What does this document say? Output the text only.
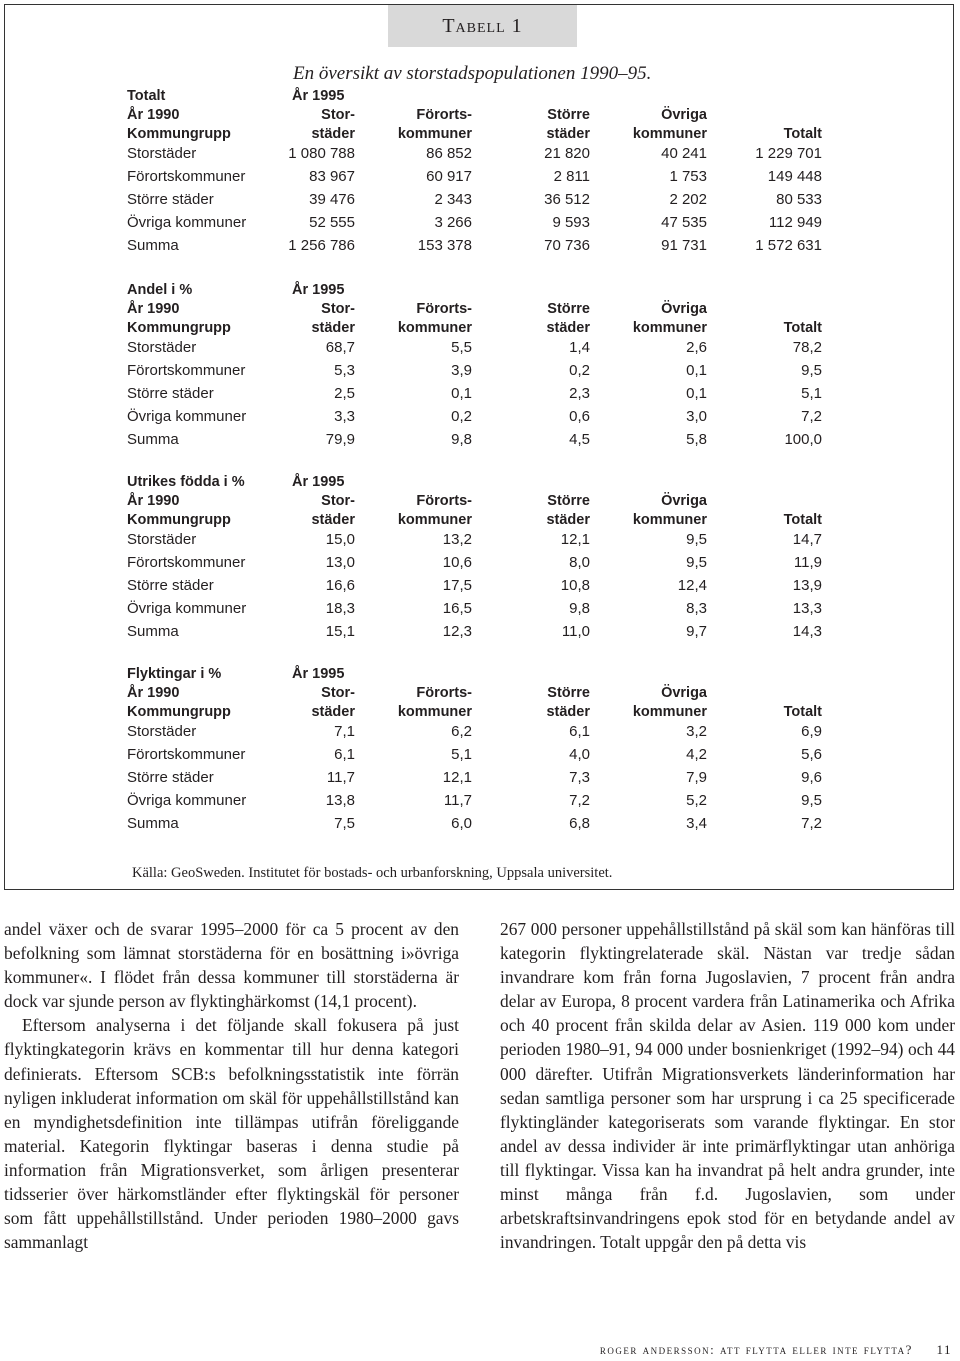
Tabell 1
En översikt av storstadspopulationen 1990–95.
Källa: GeoSweden. Institutet för bostads- och urbanforskning, Uppsala universitet.
Totalt	År 1995
År 1990	Stor-	Förorts-	Större	Övriga
Kommungrupp	städer	kommuner	städer	kommuner	Totalt
Storstäder	1 080 788	86 852	21 820	40 241	1 229 701
Förortskommuner	83 967	60 917	2 811	1 753	149 448
Större städer	39 476	2 343	36 512	2 202	80 533
Övriga kommuner	52 555	3 266	9 593	47 535	112 949
Summa	1 256 786	153 378	70 736	91 731	1 572 631
Andel i %	År 1995
År 1990	Stor-	Förorts-	Större	Övriga
Kommungrupp	städer	kommuner	städer	kommuner	Totalt
Storstäder	68,7	5,5	1,4	2,6	78,2
Förortskommuner	5,3	3,9	0,2	0,1	9,5
Större städer	2,5	0,1	2,3	0,1	5,1
Övriga kommuner	3,3	0,2	0,6	3,0	7,2
Summa	79,9	9,8	4,5	5,8	100,0
Utrikes födda i %	År 1995
År 1990	Stor-	Förorts-	Större	Övriga
Kommungrupp	städer	kommuner	städer	kommuner	Totalt
Storstäder	15,0	13,2	12,1	9,5	14,7
Förortskommuner	13,0	10,6	8,0	9,5	11,9
Större städer	16,6	17,5	10,8	12,4	13,9
Övriga kommuner	18,3	16,5	9,8	8,3	13,3
Summa	15,1	12,3	11,0	9,7	14,3
Flyktingar i %	År 1995
År 1990	Stor-	Förorts-	Större	Övriga
Kommungrupp	städer	kommuner	städer	kommuner	Totalt
Storstäder	7,1	6,2	6,1	3,2	6,9
Förortskommuner	6,1	5,1	4,0	4,2	5,6
Större städer	11,7	12,1	7,3	7,9	9,6
Övriga kommuner	13,8	11,7	7,2	5,2	9,5
Summa	7,5	6,0	6,8	3,4	7,2

andel växer och de svarar 1995–2000 för ca 5 procent av den befolkning som lämnat storstäderna för en bosättning i»övriga kommuner«. I flödet från dessa kommuner till storstäderna är dock var sjunde person av flyktinghärkomst (14,1 procent).

Eftersom analyserna i det följande skall fokusera på just flyktingkategorin krävs en kommentar till hur denna kategori definierats. Eftersom SCB:s befolkningsstatistik inte förrän nyligen inkluderat information om skäl för uppehållstillstånd kan en myndighetsdefinition inte tillämpas utifrån föreliggande material. Kategorin flyktingar baseras i denna studie på information från Migrationsverket, som årligen presenterar tidsserier över härkomstländer efter flyktingskäl för personer som fått uppehållstillstånd. Under perioden 1980–2000 gavs sammanlagt

267 000 personer uppehållstillstånd på skäl som kan hänföras till kategorin flyktingrelaterade skäl. Nästan var tredje sådan invandrare kom från forna Jugoslavien, 7 procent från andra delar av Europa, 8 procent vardera från Latinamerika och Afrika och 40 procent från skilda delar av Asien. 119 000 kom under perioden 1980–91, 94 000 under bosnienkriget (1992–94) och 44 000 därefter. Utifrån Migrationsverkets länderinformation har sedan samtliga personer som har ursprung i ca 25 specificerade flyktingländer kategoriserats som varande flyktingar. En stor andel av dessa individer är inte primärflyktingar utan anhöriga till flyktingar. Vissa kan ha invandrat på helt andra grunder, inte minst många från f.d. Jugoslavien, som under arbetskraftsinvandringens epok stod för en betydande andel av invandringen. Totalt uppgår den på detta vis

roger andersson: att flytta eller inte flytta? 11
